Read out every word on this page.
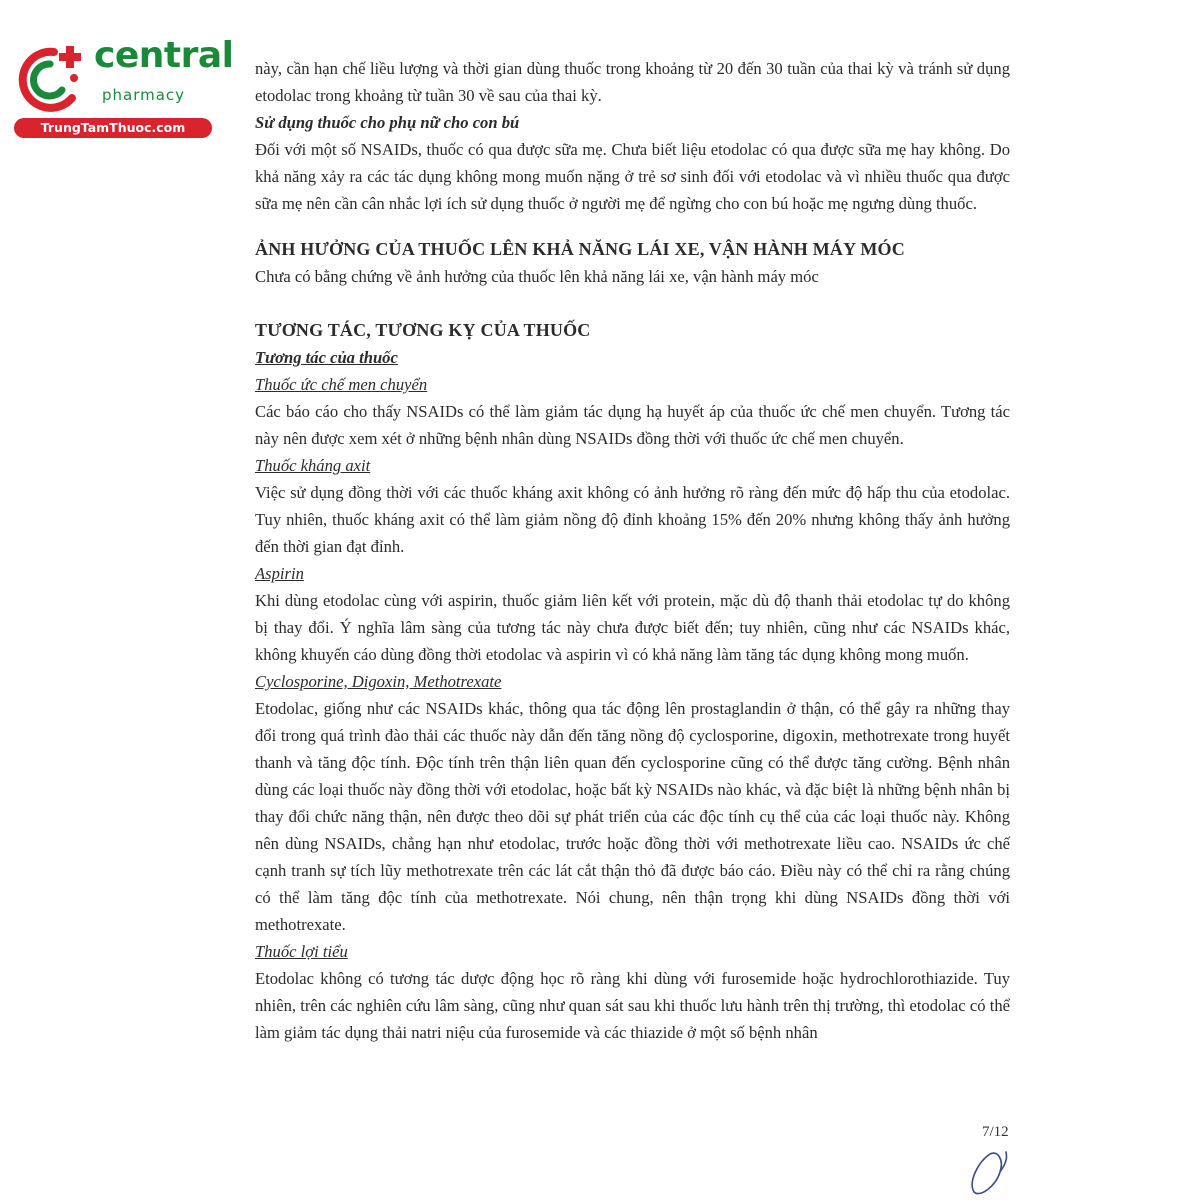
central
pharmacy
TrungTamThuoc.com

này, cần hạn chế liều lượng và thời gian dùng thuốc trong khoảng từ 20 đến 30 tuần của thai kỳ và tránh sử dụng etodolac trong khoảng từ tuần 30 về sau của thai kỳ.

Sử dụng thuốc cho phụ nữ cho con bú

Đối với một số NSAIDs, thuốc có qua được sữa mẹ. Chưa biết liệu etodolac có qua được sữa mẹ hay không. Do khả năng xảy ra các tác dụng không mong muốn nặng ở trẻ sơ sinh đối với etodolac và vì nhiều thuốc qua được sữa mẹ nên cần cân nhắc lợi ích sử dụng thuốc ở người mẹ để ngừng cho con bú hoặc mẹ ngưng dùng thuốc.

ẢNH HƯỞNG CỦA THUỐC LÊN KHẢ NĂNG LÁI XE, VẬN HÀNH MÁY MÓC

Chưa có bằng chứng về ảnh hưởng của thuốc lên khả năng lái xe, vận hành máy móc

TƯƠNG TÁC, TƯƠNG KỴ CỦA THUỐC

Tương tác của thuốc

Thuốc ức chế men chuyển

Các báo cáo cho thấy NSAIDs có thể làm giảm tác dụng hạ huyết áp của thuốc ức chế men chuyển. Tương tác này nên được xem xét ở những bệnh nhân dùng NSAIDs đồng thời với thuốc ức chế men chuyển.

Thuốc kháng axit

Việc sử dụng đồng thời với các thuốc kháng axit không có ảnh hưởng rõ ràng đến mức độ hấp thu của etodolac. Tuy nhiên, thuốc kháng axit có thể làm giảm nồng độ đỉnh khoảng 15% đến 20% nhưng không thấy ảnh hưởng đến thời gian đạt đỉnh.

Aspirin

Khi dùng etodolac cùng với aspirin, thuốc giảm liên kết với protein, mặc dù độ thanh thải etodolac tự do không bị thay đổi. Ý nghĩa lâm sàng của tương tác này chưa được biết đến; tuy nhiên, cũng như các NSAIDs khác, không khuyến cáo dùng đồng thời etodolac và aspirin vì có khả năng làm tăng tác dụng không mong muốn.

Cyclosporine, Digoxin, Methotrexate

Etodolac, giống như các NSAIDs khác, thông qua tác động lên prostaglandin ở thận, có thể gây ra những thay đổi trong quá trình đào thải các thuốc này dẫn đến tăng nồng độ cyclosporine, digoxin, methotrexate trong huyết thanh và tăng độc tính. Độc tính trên thận liên quan đến cyclosporine cũng có thể được tăng cường. Bệnh nhân dùng các loại thuốc này đồng thời với etodolac, hoặc bất kỳ NSAIDs nào khác, và đặc biệt là những bệnh nhân bị thay đổi chức năng thận, nên được theo dõi sự phát triển của các độc tính cụ thể của các loại thuốc này. Không nên dùng NSAIDs, chẳng hạn như etodolac, trước hoặc đồng thời với methotrexate liều cao. NSAIDs ức chế cạnh tranh sự tích lũy methotrexate trên các lát cắt thận thỏ đã được báo cáo. Điều này có thể chỉ ra rằng chúng có thể làm tăng độc tính của methotrexate. Nói chung, nên thận trọng khi dùng NSAIDs đồng thời với methotrexate.

Thuốc lợi tiểu

Etodolac không có tương tác dược động học rõ ràng khi dùng với furosemide hoặc hydrochlorothiazide. Tuy nhiên, trên các nghiên cứu lâm sàng, cũng như quan sát sau khi thuốc lưu hành trên thị trường, thì etodolac có thể làm giảm tác dụng thải natri niệu của furosemide và các thiazide ở một số bệnh nhân

7/12
